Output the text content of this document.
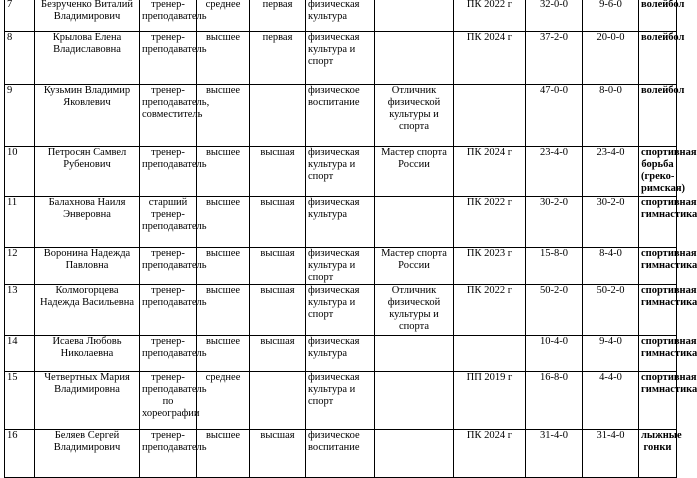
7	Безрученко Виталий Владимирович	тренер-преподаватель	среднее	первая	физическая культура		ПК 2022 г	32-0-0	9-6-0	волейбол
8	Крылова Елена Владиславовна	тренер-преподаватель	высшее	первая	физическая культура и спорт		ПК 2024 г	37-2-0	20-0-0	волейбол
9	Кузьмин Владимир Яковлевич	тренер-преподаватель, совместитель	высшее		физическое воспитание	Отличник физической культуры и спорта		47-0-0	8-0-0	волейбол
10	Петросян Самвел Рубенович	тренер-преподаватель	высшее	высшая	физическая культура и спорт	Мастер спорта России	ПК 2024 г	23-4-0	23-4-0	спортивная борьба (греко-римская)
11	Балахнова Наиля Энверовна	старший тренер-преподаватель	высшее	высшая	физическая культура		ПК 2022 г	30-2-0	30-2-0	спортивная гимнастика
12	Воронина Надежда Павловна	тренер-преподаватель	высшее	высшая	физическая культура и спорт	Мастер спорта России	ПК 2023 г	15-8-0	8-4-0	спортивная гимнастика
13	Колмогорцева Надежда Васильевна	тренер-преподаватель	высшее	высшая	физическая культура и спорт	Отличник физической культуры и спорта	ПК 2022 г	50-2-0	50-2-0	спортивная гимнастика
14	Исаева Любовь Николаевна	тренер-преподаватель	высшее	высшая	физическая культура			10-4-0	9-4-0	спортивная гимнастика
15	Четвертных Мария Владимировна	тренер-преподаватель по хореографии	среднее		физическая культура и спорт		ПП 2019 г	16-8-0	4-4-0	спортивная гимнастика
16	Беляев Сергей Владимирович	тренер-преподаватель	высшее	высшая	физическое воспитание		ПК 2024 г	31-4-0	31-4-0	лыжные гонки
